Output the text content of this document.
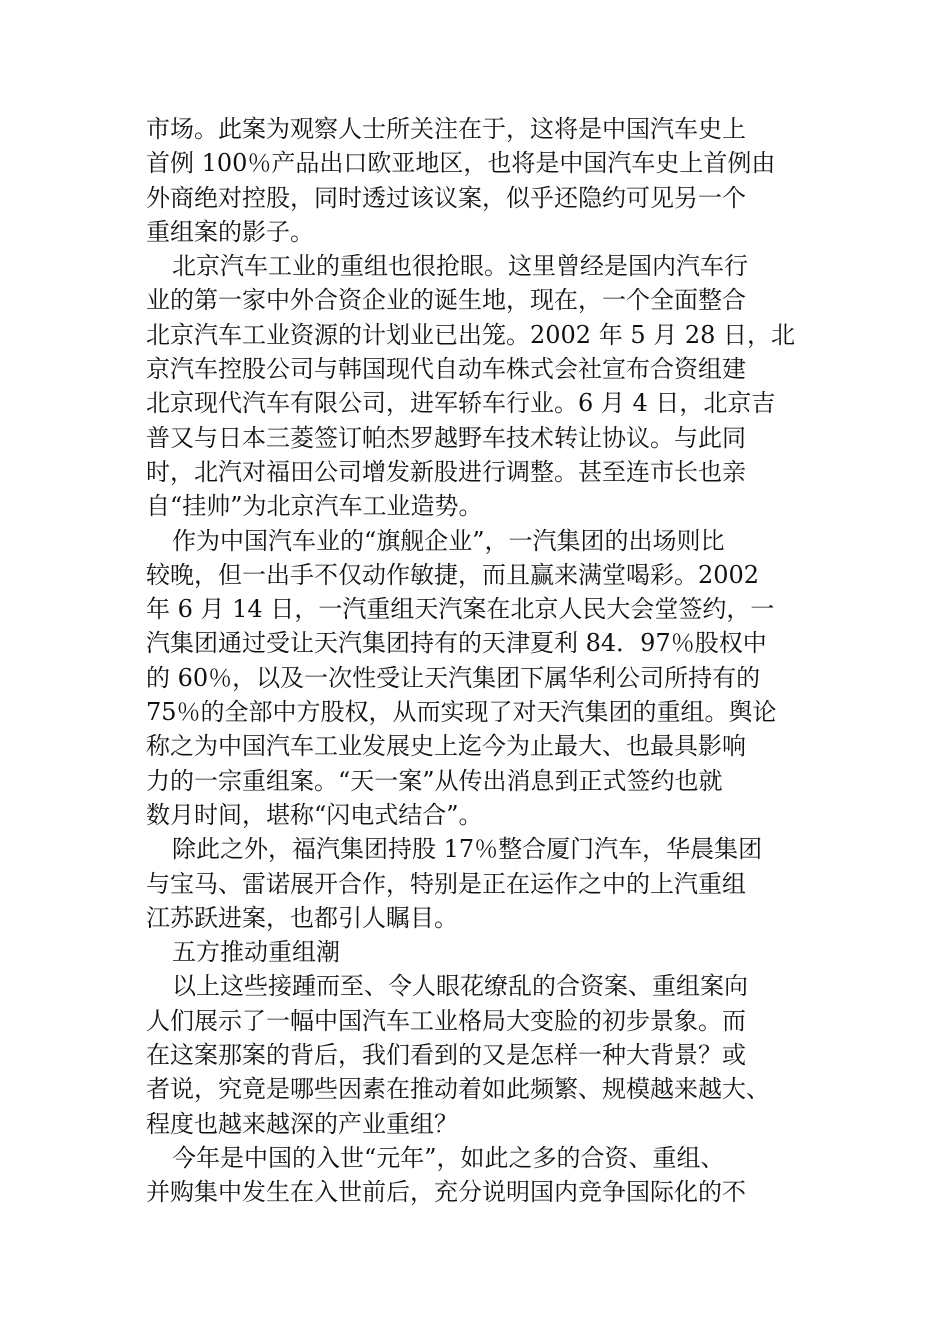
市场。此案为观察人士所关注在于，这将是中国汽车史上
首例 100％产品出口欧亚地区，也将是中国汽车史上首例由
外商绝对控股，同时透过该议案，似乎还隐约可见另一个
重组案的影子。
北京汽车工业的重组也很抢眼。这里曾经是国内汽车行
业的第一家中外合资企业的诞生地，现在，一个全面整合
北京汽车工业资源的计划业已出笼。2002 年 5 月 28 日，北
京汽车控股公司与韩国现代自动车株式会社宣布合资组建
北京现代汽车有限公司，进军轿车行业。6 月 4 日，北京吉
普又与日本三菱签订帕杰罗越野车技术转让协议。与此同
时，北汽对福田公司增发新股进行调整。甚至连市长也亲
自“挂帅”为北京汽车工业造势。
作为中国汽车业的“旗舰企业”，一汽集团的出场则比
较晚，但一出手不仅动作敏捷，而且赢来满堂喝彩。2002
年 6 月 14 日，一汽重组天汽案在北京人民大会堂签约，一
汽集团通过受让天汽集团持有的天津夏利 84．97％股权中
的 60％，以及一次性受让天汽集团下属华利公司所持有的
75％的全部中方股权，从而实现了对天汽集团的重组。舆论
称之为中国汽车工业发展史上迄今为止最大、也最具影响
力的一宗重组案。“天一案”从传出消息到正式签约也就
数月时间，堪称“闪电式结合”。
除此之外，福汽集团持股 17％整合厦门汽车，华晨集团
与宝马、雷诺展开合作，特别是正在运作之中的上汽重组
江苏跃进案，也都引人瞩目。
五方推动重组潮
以上这些接踵而至、令人眼花缭乱的合资案、重组案向
人们展示了一幅中国汽车工业格局大变脸的初步景象。而
在这案那案的背后，我们看到的又是怎样一种大背景？或
者说，究竟是哪些因素在推动着如此频繁、规模越来越大、
程度也越来越深的产业重组？
今年是中国的入世“元年”，如此之多的合资、重组、
并购集中发生在入世前后，充分说明国内竞争国际化的不
